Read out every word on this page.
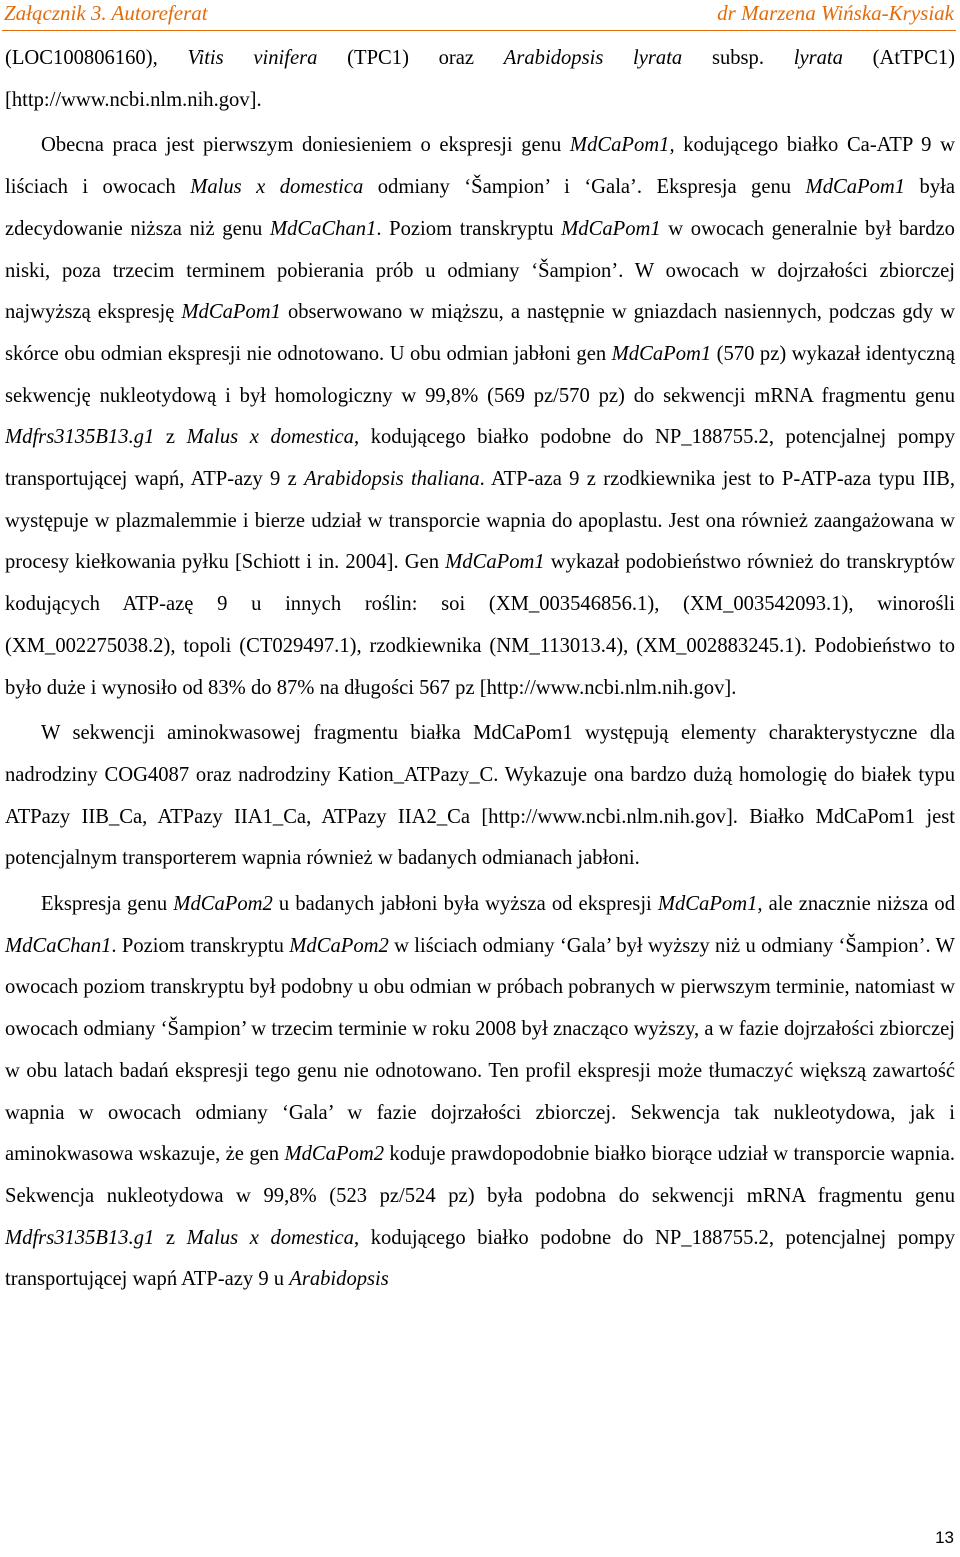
Załącznik 3. Autoreferat	dr Marzena Wińska-Krysiak

(LOC100806160), Vitis vinifera (TPC1) oraz Arabidopsis lyrata subsp. lyrata (AtTPC1) [http://www.ncbi.nlm.nih.gov].

Obecna praca jest pierwszym doniesieniem o ekspresji genu MdCaPom1, kodującego białko Ca-ATP 9 w liściach i owocach Malus x domestica odmiany ‘Šampion’ i ‘Gala’. Ekspresja genu MdCaPom1 była zdecydowanie niższa niż genu MdCaChan1. Poziom transkryptu MdCaPom1 w owocach generalnie był bardzo niski, poza trzecim terminem pobierania prób u odmiany ‘Šampion’. W owocach w dojrzałości zbiorczej najwyższą ekspresję MdCaPom1 obserwowano w miąższu, a następnie w gniazdach nasiennych, podczas gdy w skórce obu odmian ekspresji nie odnotowano. U obu odmian jabłoni gen MdCaPom1 (570 pz) wykazał identyczną sekwencję nukleotydową i był homologiczny w 99,8% (569 pz/570 pz) do sekwencji mRNA fragmentu genu Mdfrs3135B13.g1 z Malus x domestica, kodującego białko podobne do NP_188755.2, potencjalnej pompy transportującej wapń, ATP-azy 9 z Arabidopsis thaliana. ATP-aza 9 z rzodkiewnika jest to P-ATP-aza typu IIB, występuje w plazmalemmie i bierze udział w transporcie wapnia do apoplastu. Jest ona również zaangażowana w procesy kiełkowania pyłku [Schiott i in. 2004]. Gen MdCaPom1 wykazał podobieństwo również do transkryptów kodujących ATP-azę 9 u innych roślin: soi (XM_003546856.1), (XM_003542093.1), winorośli (XM_002275038.2), topoli (CT029497.1), rzodkiewnika (NM_113013.4), (XM_002883245.1). Podobieństwo to było duże i wynosiło od 83% do 87% na długości 567 pz [http://www.ncbi.nlm.nih.gov].

W sekwencji aminokwasowej fragmentu białka MdCaPom1 występują elementy charakterystyczne dla nadrodziny COG4087 oraz nadrodziny Kation_ATPazy_C. Wykazuje ona bardzo dużą homologię do białek typu ATPazy IIB_Ca, ATPazy IIA1_Ca, ATPazy IIA2_Ca [http://www.ncbi.nlm.nih.gov]. Białko MdCaPom1 jest potencjalnym transporterem wapnia również w badanych odmianach jabłoni.

Ekspresja genu MdCaPom2 u badanych jabłoni była wyższa od ekspresji MdCaPom1, ale znacznie niższa od MdCaChan1. Poziom transkryptu MdCaPom2 w liściach odmiany ‘Gala’ był wyższy niż u odmiany ‘Šampion’. W owocach poziom transkryptu był podobny u obu odmian w próbach pobranych w pierwszym terminie, natomiast w owocach odmiany ‘Šampion’ w trzecim terminie w roku 2008 był znacząco wyższy, a w fazie dojrzałości zbiorczej w obu latach badań ekspresji tego genu nie odnotowano. Ten profil ekspresji może tłumaczyć większą zawartość wapnia w owocach odmiany ‘Gala’ w fazie dojrzałości zbiorczej. Sekwencja tak nukleotydowa, jak i aminokwasowa wskazuje, że gen MdCaPom2 koduje prawdopodobnie białko biorące udział w transporcie wapnia. Sekwencja nukleotydowa w 99,8% (523 pz/524 pz) była podobna do sekwencji mRNA fragmentu genu Mdfrs3135B13.g1 z Malus x domestica, kodującego białko podobne do NP_188755.2, potencjalnej pompy transportującej wapń ATP-azy 9 u Arabidopsis

13
